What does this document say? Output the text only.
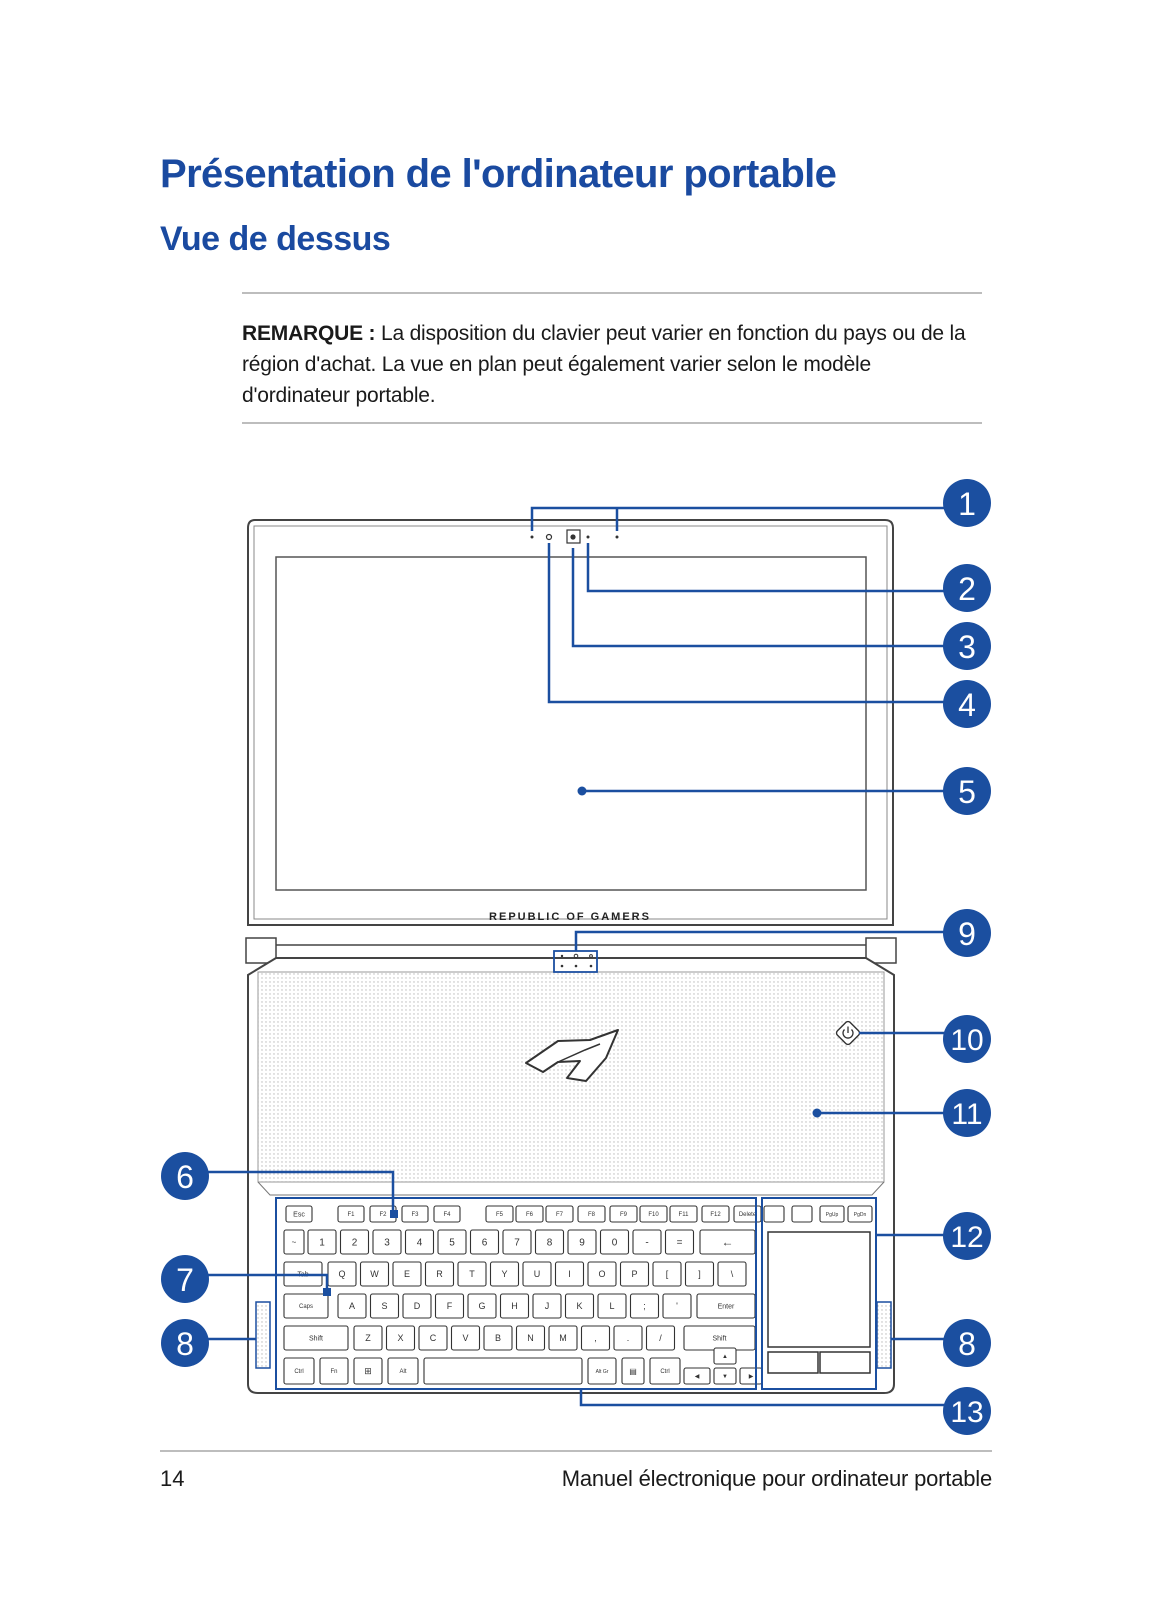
Présentation de l'ordinateur portable
Vue de dessus

REMARQUE : La disposition du clavier peut varier en fonction du pays ou de la région d'achat. La vue en plan peut également varier selon le modèle d'ordinateur portable.

REPUBLIC OF GAMERS
Esc	F1	F2	F3	F4	F5	F6	F7	F8	F9	F10	F11	F12	Delete	PgUp	PgDn
~ 1	2	3	4	5	6	7	8	9	0	-	=	←
Tab	Q	W	E	R	T	Y	U	I	O	P	[	]	\
Caps	A	S	D	F	G	H	J	K	L	;	'	Enter
Shift	Z	X	C	V	B	N	M	,	.	/	Shift
Ctrl	Fn	⊞	Alt	Alt Gr	▤	Ctrl
▲
◀	▼	▶
1
2
3
4
5
6
7
8	8
9
10
11
12
13
14	Manuel électronique pour ordinateur portable
